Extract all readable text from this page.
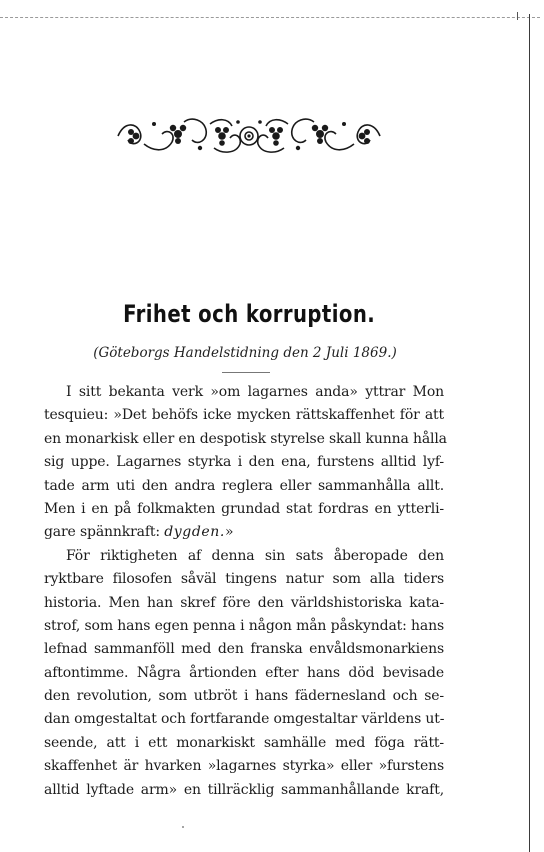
Frihet och korruption.
(Göteborgs Handelstidning den 2 Juli 1869.)
I sitt bekanta verk »om lagarnes anda» yttrar Mon
tesquieu: »Det behöfs icke mycken rättskaffenhet för att
en monarkisk eller en despotisk styrelse skall kunna hålla
sig uppe. Lagarnes styrka i den ena, furstens alltid lyf-
tade arm uti den andra reglera eller sammanhålla allt.
Men i en på folkmakten grundad stat fordras en ytterli-
gare spännkraft: dygden.»
För riktigheten af denna sin sats åberopade den
ryktbare filosofen såväl tingens natur som alla tiders
historia. Men han skref före den världshistoriska kata-
strof, som hans egen penna i någon mån påskyndat: hans
lefnad sammanföll med den franska envåldsmonarkiens
aftontimme. Några årtionden efter hans död bevisade
den revolution, som utbröt i hans fädernesland och se-
dan omgestaltat och fortfarande omgestaltar världens ut-
seende, att i ett monarkiskt samhälle med föga rätt-
skaffenhet är hvarken »lagarnes styrka» eller »furstens
alltid lyftade arm» en tillräcklig sammanhållande kraft,
